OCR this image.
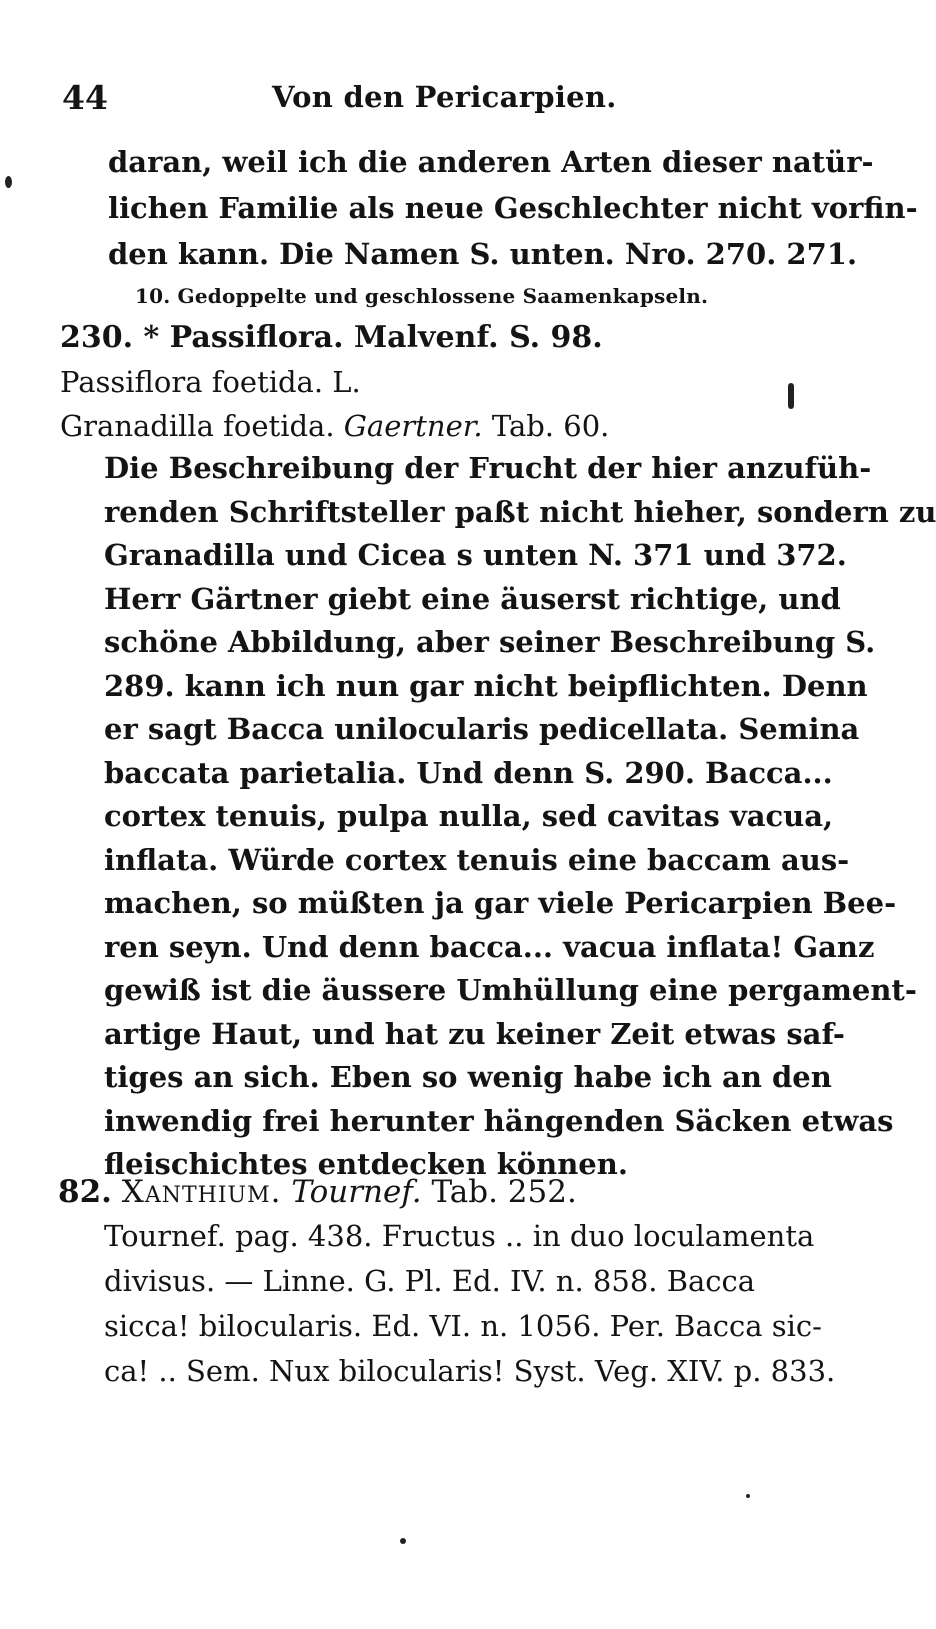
44	Von den Pericarpien.
daran, weil ich die anderen Arten dieser natür-
lichen Familie als neue Geschlechter nicht vorfin-
den kann. Die Namen S. unten. Nro. 270. 271.
10. Gedoppelte und geschlossene Saamenkapseln.
230. * Passiflora. Malvenf. S. 98.
Passiflora foetida. L.
Granadilla foetida. Gaertner. Tab. 60.
Die Beschreibung der Frucht der hier anzufüh-
renden Schriftsteller paßt nicht hieher, sondern zu
Granadilla und Cicea s unten N. 371 und 372.
Herr Gärtner giebt eine äuserst richtige, und
schöne Abbildung, aber seiner Beschreibung S.
289. kann ich nun gar nicht beipflichten. Denn
er sagt Bacca unilocularis pedicellata. Semina
baccata parietalia. Und denn S. 290. Bacca...
cortex tenuis, pulpa nulla, sed cavitas vacua,
inflata. Würde cortex tenuis eine baccam aus-
machen, so müßten ja gar viele Pericarpien Bee-
ren seyn. Und denn bacca... vacua inflata! Ganz
gewiß ist die äussere Umhüllung eine pergament-
artige Haut, und hat zu keiner Zeit etwas saf-
tiges an sich. Eben so wenig habe ich an den
inwendig frei herunter hängenden Säcken etwas
fleischichtes entdecken können.
82. Xanthium. Tournef. Tab. 252.
Tournef. pag. 438. Fructus .. in duo loculamenta
divisus. — Linne. G. Pl. Ed. IV. n. 858. Bacca
sicca! bilocularis. Ed. VI. n. 1056. Per. Bacca sic-
ca! .. Sem. Nux bilocularis! Syst. Veg. XIV. p. 833.
